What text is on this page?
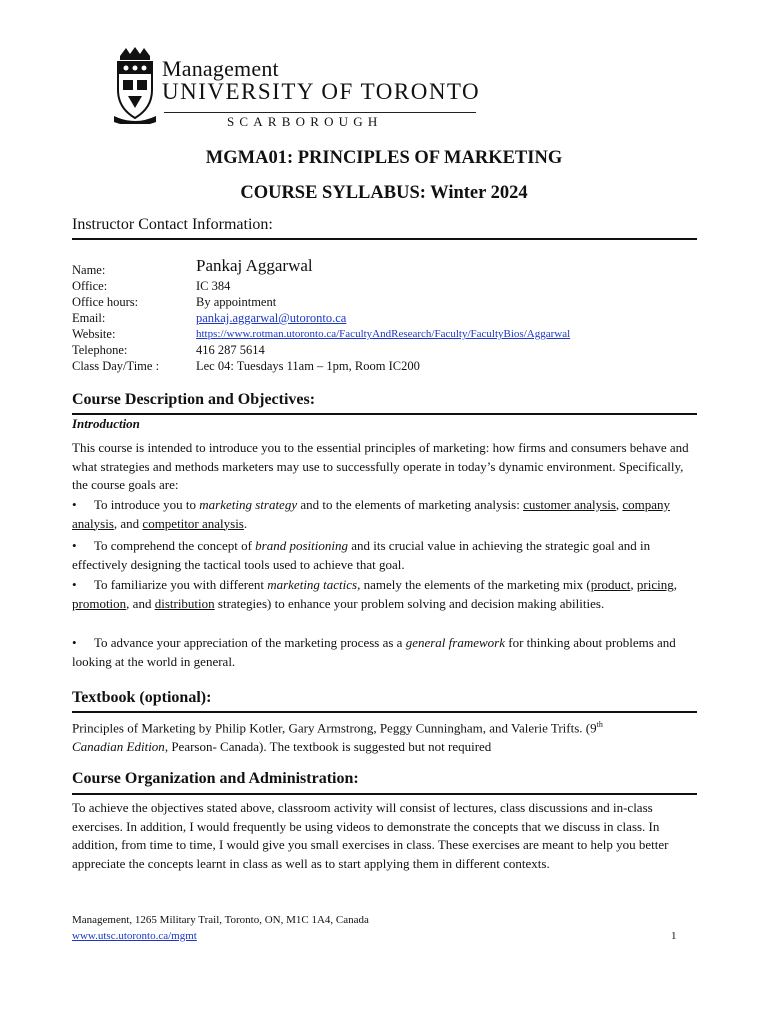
Management
UNIVERSITY OF TORONTO
SCARBOROUGH
MGMA01: PRINCIPLES OF MARKETING
COURSE SYLLABUS: Winter 2024
Instructor Contact Information:
Name:	Pankaj Aggarwal
Office:	IC 384
Office hours:	By appointment
Email:	pankaj.aggarwal@utoronto.ca
Website:	https://www.rotman.utoronto.ca/FacultyAndResearch/Faculty/FacultyBios/Aggarwal
Telephone:	416 287 5614
Class Day/Time :	Lec 04: Tuesdays 11am – 1pm, Room IC200
Course Description and Objectives:
Introduction

This course is intended to introduce you to the essential principles of marketing: how firms and consumers behave and what strategies and methods marketers may use to successfully operate in today’s dynamic environment. Specifically, the course goals are:

• To introduce you to marketing strategy and to the elements of marketing analysis: customer analysis, company analysis, and competitor analysis.
• To comprehend the concept of brand positioning and its crucial value in achieving the strategic goal and in effectively designing the tactical tools used to achieve that goal.
• To familiarize you with different marketing tactics, namely the elements of the marketing mix (product, pricing, promotion, and distribution strategies) to enhance your problem solving and decision making abilities.
• To advance your appreciation of the marketing process as a general framework for thinking about problems and looking at the world in general.
Textbook (optional):

Principles of Marketing by Philip Kotler, Gary Armstrong, Peggy Cunningham, and Valerie Trifts. (9th
Canadian Edition, Pearson- Canada). The textbook is suggested but not required

Course Organization and Administration:

To achieve the objectives stated above, classroom activity will consist of lectures, class discussions and in-class exercises. In addition, I would frequently be using videos to demonstrate the concepts that we discuss in class. In addition, from time to time, I would give you small exercises in class. These exercises are meant to help you better appreciate the concepts learnt in class as well as to start applying them in different contexts.

Management, 1265 Military Trail, Toronto, ON, M1C 1A4, Canada
www.utsc.utoronto.ca/mgmt	1
